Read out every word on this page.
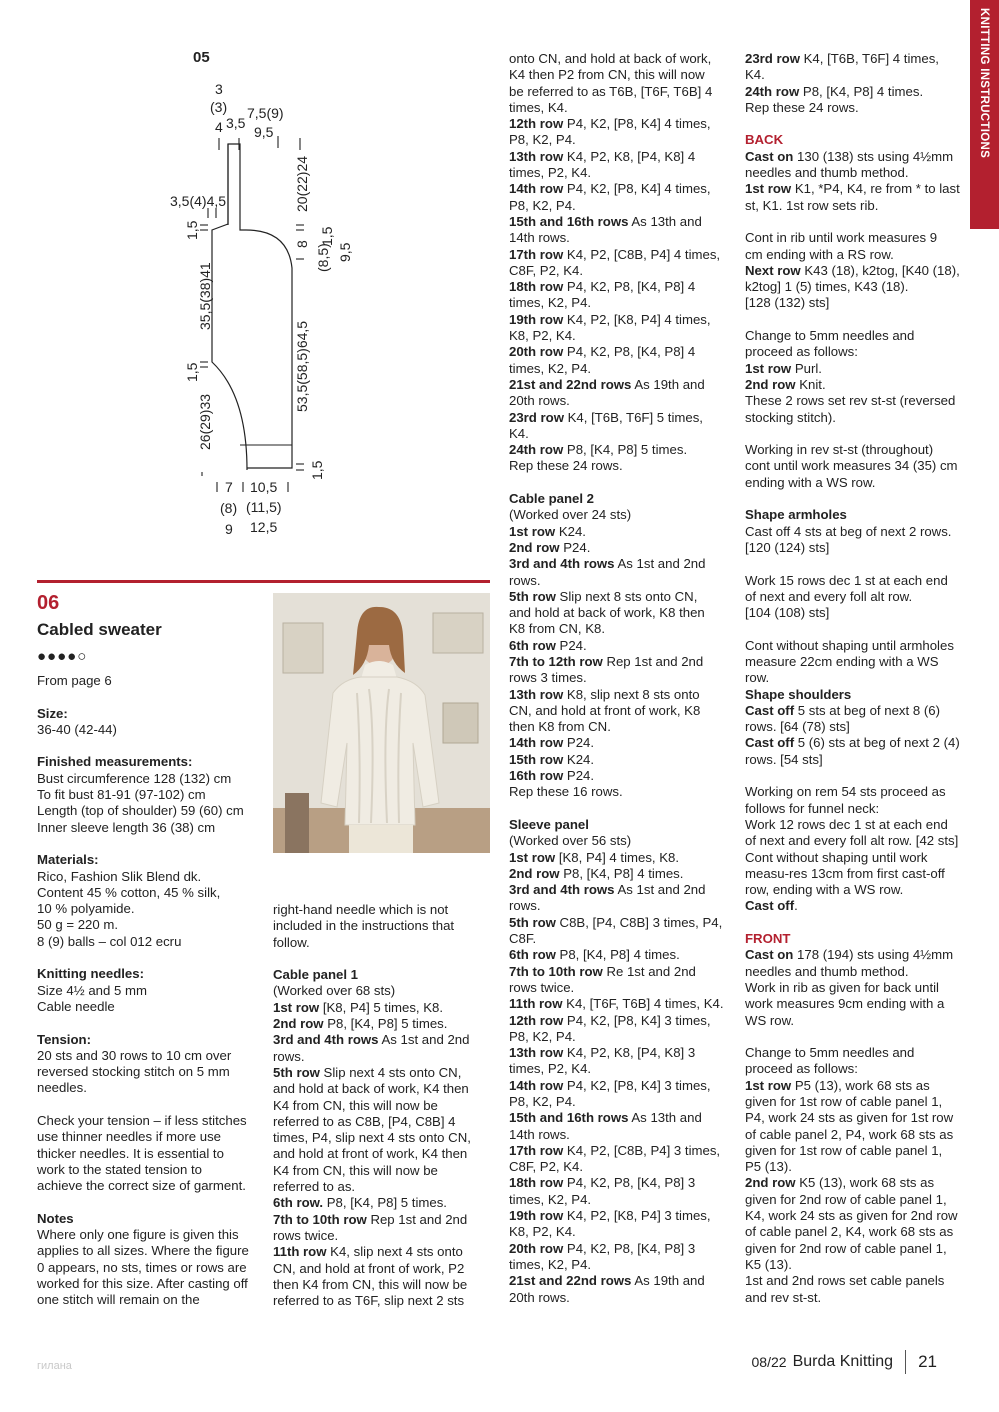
KNITTING INSTRUCTIONS
05
3
(3)
4 3,5
7,5(9)
9,5
3,5(4)4,5
7
(8)
9
10,5
(11,5)
12,5
1,5
35,5(38)41
1,5
26(29)33
20(22)24
8 1,5
(8,5) 9,5
53,5(58,5)64,5
1,5
06
Cabled sweater
●●●●○

From page 6

Size:

36-40 (42-44)

Finished measurements:

Bust circumference 128 (132) cm

To fit bust 81-91 (97-102) cm

Length (top of shoulder) 59 (60) cm

Inner sleeve length 36 (38) cm

Materials:

Rico, Fashion Slik Blend dk.

Content 45 % cotton, 45 % silk,

10 % polyamide.

50 g = 220 m.

8 (9) balls – col 012 ecru

Knitting needles:

Size 4½ and 5 mm

Cable needle

Tension:

20 sts and 30 rows to 10 cm over

reversed stocking stitch on 5 mm

needles.

Check your tension – if less stitches

use thinner needles if more use

thicker needles. It is essential to

work to the stated tension to

achieve the correct size of garment.

Notes

Where only one figure is given this

applies to all sizes. Where the figure

0 appears, no sts, times or rows are

worked for this size. After casting off

one stitch will remain on the

right-hand needle which is not

included in the instructions that

follow.

Cable panel 1

(Worked over 68 sts)

1st row [K8, P4] 5 times, K8.

2nd row P8, [K4, P8] 5 times.

3rd and 4th rows As 1st and 2nd

rows.

5th row Slip next 4 sts onto CN,

and hold at back of work, K4 then

K4 from CN, this will now be

referred to as C8B, [P4, C8B] 4

times, P4, slip next 4 sts onto CN,

and hold at front of work, K4 then

K4 from CN, this will now be

referred to as.

6th row. P8, [K4, P8] 5 times.

7th to 10th row Rep 1st and 2nd

rows twice.

11th row K4, slip next 4 sts onto

CN, and hold at front of work, P2

then K4 from CN, this will now be

referred to as T6F, slip next 2 sts

onto CN, and hold at back of work,

K4 then P2 from CN, this will now

be referred to as T6B, [T6F, T6B] 4

times, K4.

12th row P4, K2, [P8, K4] 4 times,

P8, K2, P4.

13th row K4, P2, K8, [P4, K8] 4

times, P2, K4.

14th row P4, K2, [P8, K4] 4 times,

P8, K2, P4.

15th and 16th rows As 13th and

14th rows.

17th row K4, P2, [C8B, P4] 4 times,

C8F, P2, K4.

18th row P4, K2, P8, [K4, P8] 4

times, K2, P4.

19th row K4, P2, [K8, P4] 4 times,

K8, P2, K4.

20th row P4, K2, P8, [K4, P8] 4

times, K2, P4.

21st and 22nd rows As 19th and

20th rows.

23rd row K4, [T6B, T6F] 5 times,

K4.

24th row P8, [K4, P8] 5 times.

Rep these 24 rows.

Cable panel 2

(Worked over 24 sts)

1st row K24.

2nd row P24.

3rd and 4th rows As 1st and 2nd

rows.

5th row Slip next 8 sts onto CN,

and hold at back of work, K8 then

K8 from CN, K8.

6th row P24.

7th to 12th row Rep 1st and 2nd

rows 3 times.

13th row K8, slip next 8 sts onto

CN, and hold at front of work, K8

then K8 from CN.

14th row P24.

15th row K24.

16th row P24.

Rep these 16 rows.

Sleeve panel

(Worked over 56 sts)

1st row [K8, P4] 4 times, K8.

2nd row P8, [K4, P8] 4 times.

3rd and 4th rows As 1st and 2nd

rows.

5th row C8B, [P4, C8B] 3 times, P4,

C8F.

6th row P8, [K4, P8] 4 times.

7th to 10th row Re 1st and 2nd

rows twice.

11th row K4, [T6F, T6B] 4 times, K4.

12th row P4, K2, [P8, K4] 3 times,

P8, K2, P4.

13th row K4, P2, K8, [P4, K8] 3

times, P2, K4.

14th row P4, K2, [P8, K4] 3 times,

P8, K2, P4.

15th and 16th rows As 13th and

14th rows.

17th row K4, P2, [C8B, P4] 3 times,

C8F, P2, K4.

18th row P4, K2, P8, [K4, P8] 3

times, K2, P4.

19th row K4, P2, [K8, P4] 3 times,

K8, P2, K4.

20th row P4, K2, P8, [K4, P8] 3

times, K2, P4.

21st and 22nd rows As 19th and

20th rows.

23rd row K4, [T6B, T6F] 4 times,

K4.

24th row P8, [K4, P8] 4 times.

Rep these 24 rows.

BACK

Cast on 130 (138) sts using 4½mm

needles and thumb method.

1st row K1, *P4, K4, re from * to last

st, K1. 1st row sets rib.

Cont in rib until work measures 9

cm ending with a RS row.

Next row K43 (18), k2tog, [K40 (18),

k2tog] 1 (5) times, K43 (18).

[128 (132) sts]

Change to 5mm needles and

proceed as follows:

1st row Purl.

2nd row Knit.

These 2 rows set rev st-st (reversed

stocking stitch).

Working in rev st-st (throughout)

cont until work measures 34 (35) cm

ending with a WS row.

Shape armholes

Cast off 4 sts at beg of next 2 rows.

[120 (124) sts]

Work 15 rows dec 1 st at each end

of next and every foll alt row.

[104 (108) sts]

Cont without shaping until armholes

measure 22cm ending with a WS

row.

Shape shoulders

Cast off 5 sts at beg of next 8 (6)

rows. [64 (78) sts]

Cast off 5 (6) sts at beg of next 2 (4)

rows. [54 sts]

Working on rem 54 sts proceed as

follows for funnel neck:

Work 12 rows dec 1 st at each end

of next and every foll alt row. [42 sts]

Cont without shaping until work

measu-res 13cm from first cast-off

row, ending with a WS row.

Cast off.

FRONT

Cast on 178 (194) sts using 4½mm

needles and thumb method.

Work in rib as given for back until

work measures 9cm ending with a

WS row.

Change to 5mm needles and

proceed as follows:

1st row P5 (13), work 68 sts as

given for 1st row of cable panel 1,

P4, work 24 sts as given for 1st row

of cable panel 2, P4, work 68 sts as

given for 1st row of cable panel 1,

P5 (13).

2nd row K5 (13), work 68 sts as

given for 2nd row of cable panel 1,

K4, work 24 sts as given for 2nd row

of cable panel 2, K4, work 68 sts as

given for 2nd row of cable panel 1,

K5 (13).

1st and 2nd rows set cable panels

and rev st-st.

гилана	08/22 Burda Knitting 21
